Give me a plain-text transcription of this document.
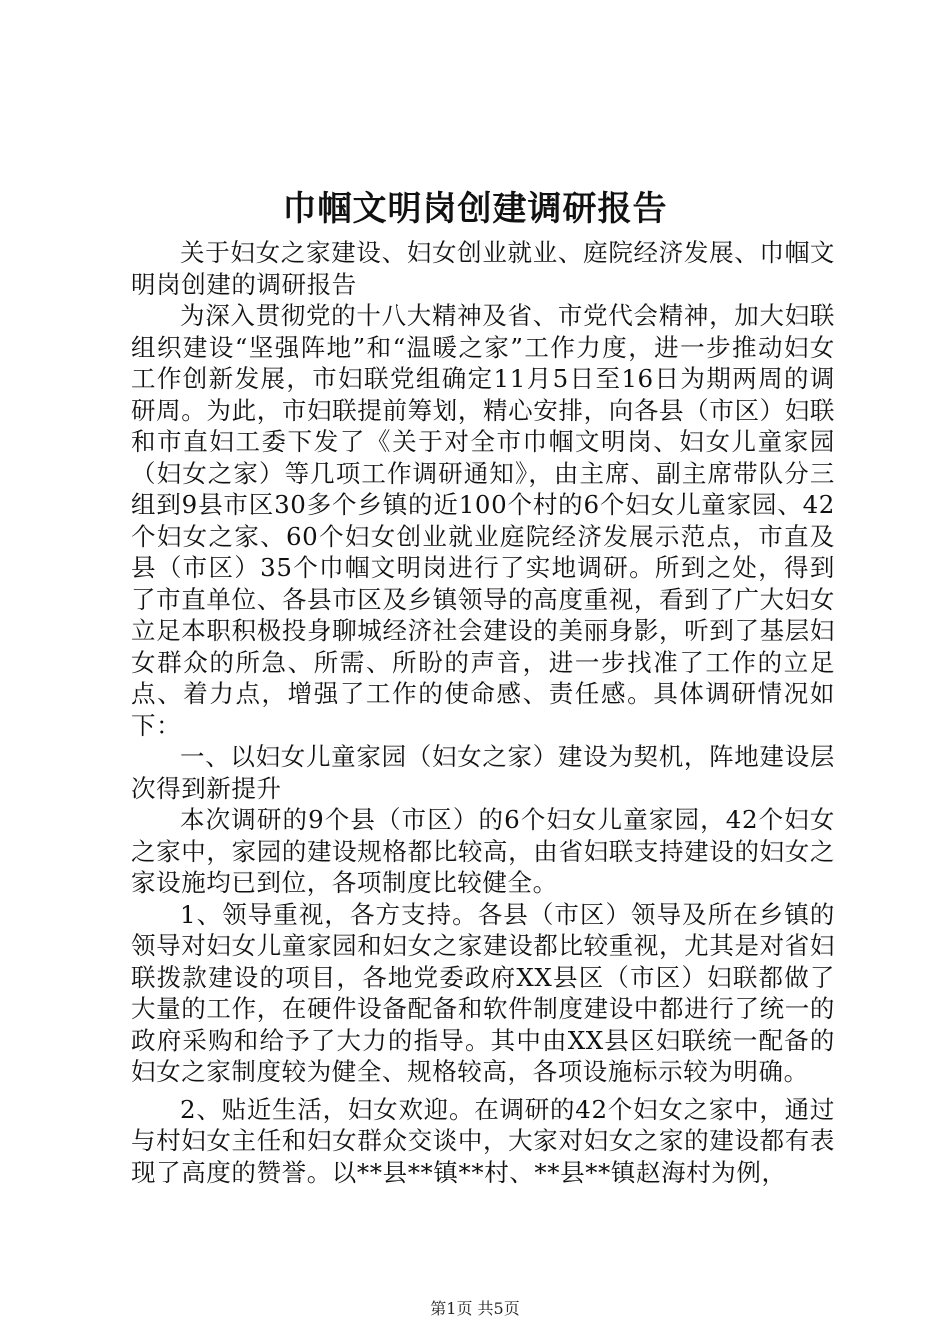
巾帼文明岗创建调研报告

关于妇女之家建设、妇女创业就业、庭院经济发展、巾帼文明岗创建的调研报告

为深入贯彻党的十八大精神及省、市党代会精神，加大妇联组织建设“坚强阵地”和“温暖之家”工作力度，进一步推动妇女工作创新发展，市妇联党组确定11月5日至16日为期两周的调研周。为此，市妇联提前筹划，精心安排，向各县（市区）妇联和市直妇工委下发了《关于对全市巾帼文明岗、妇女儿童家园（妇女之家）等几项工作调研通知》，由主席、副主席带队分三组到9县市区30多个乡镇的近100个村的6个妇女儿童家园、42个妇女之家、60个妇女创业就业庭院经济发展示范点，市直及县（市区）35个巾帼文明岗进行了实地调研。所到之处，得到了市直单位、各县市区及乡镇领导的高度重视，看到了广大妇女立足本职积极投身聊城经济社会建设的美丽身影，听到了基层妇女群众的所急、所需、所盼的声音，进一步找准了工作的立足点、着力点，增强了工作的使命感、责任感。具体调研情况如下：

一、以妇女儿童家园（妇女之家）建设为契机，阵地建设层次得到新提升

本次调研的9个县（市区）的6个妇女儿童家园，42个妇女之家中，家园的建设规格都比较高，由省妇联支持建设的妇女之家设施均已到位，各项制度比较健全。

1、领导重视，各方支持。各县（市区）领导及所在乡镇的领导对妇女儿童家园和妇女之家建设都比较重视，尤其是对省妇联拨款建设的项目，各地党委政府XX县区（市区）妇联都做了大量的工作，在硬件设备配备和软件制度建设中都进行了统一的政府采购和给予了大力的指导。其中由XX县区妇联统一配备的妇女之家制度较为健全、规格较高，各项设施标示较为明确。

2、贴近生活，妇女欢迎。在调研的42个妇女之家中，通过与村妇女主任和妇女群众交谈中，大家对妇女之家的建设都有表现了高度的赞誉。以**县**镇**村、**县**镇赵海村为例，

第1页 共5页
